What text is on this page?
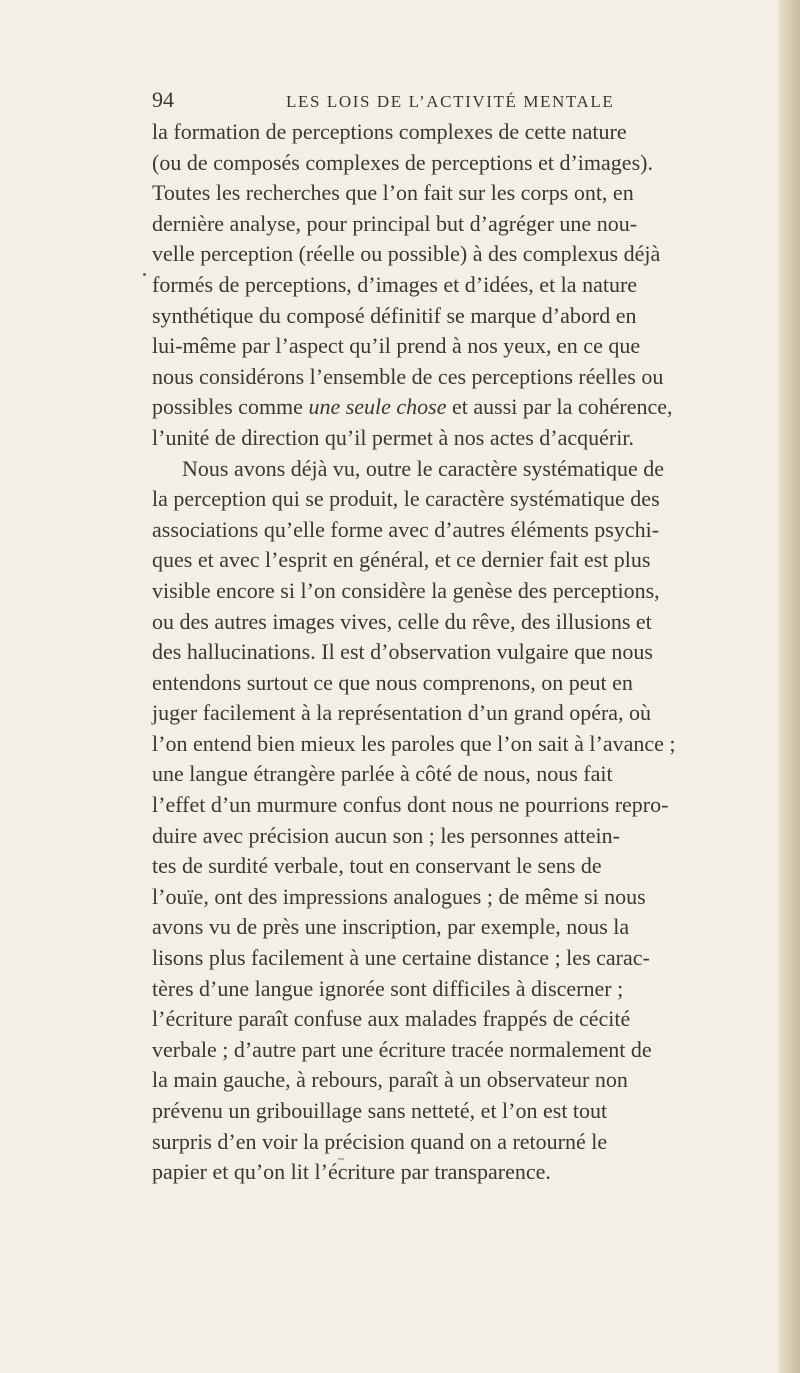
94	LES LOIS DE L’ACTIVITÉ MENTALE
la formation de perceptions complexes de cette nature
(ou de composés complexes de perceptions et d’images).
Toutes les recherches que l’on fait sur les corps ont, en
dernière analyse, pour principal but d’agréger une nou-
velle perception (réelle ou possible) à des complexus déjà
formés de perceptions, d’images et d’idées, et la nature
synthétique du composé définitif se marque d’abord en
lui-même par l’aspect qu’il prend à nos yeux, en ce que
nous considérons l’ensemble de ces perceptions réelles ou
possibles comme une seule chose et aussi par la cohérence,
l’unité de direction qu’il permet à nos actes d’acquérir.
Nous avons déjà vu, outre le caractère systématique de
la perception qui se produit, le caractère systématique des
associations qu’elle forme avec d’autres éléments psychi-
ques et avec l’esprit en général, et ce dernier fait est plus
visible encore si l’on considère la genèse des perceptions,
ou des autres images vives, celle du rêve, des illusions et
des hallucinations. Il est d’observation vulgaire que nous
entendons surtout ce que nous comprenons, on peut en
juger facilement à la représentation d’un grand opéra, où
l’on entend bien mieux les paroles que l’on sait à l’avance ;
une langue étrangère parlée à côté de nous, nous fait
l’effet d’un murmure confus dont nous ne pourrions repro-
duire avec précision aucun son ; les personnes attein-
tes de surdité verbale, tout en conservant le sens de
l’ouïe, ont des impressions analogues ; de même si nous
avons vu de près une inscription, par exemple, nous la
lisons plus facilement à une certaine distance ; les carac-
tères d’une langue ignorée sont difficiles à discerner ;
l’écriture paraît confuse aux malades frappés de cécité
verbale ; d’autre part une écriture tracée normalement de
la main gauche, à rebours, paraît à un observateur non
prévenu un gribouillage sans netteté, et l’on est tout
surpris d’en voir la précision quand on a retourné le
papier et qu’on lit l’écriture par transparence.
